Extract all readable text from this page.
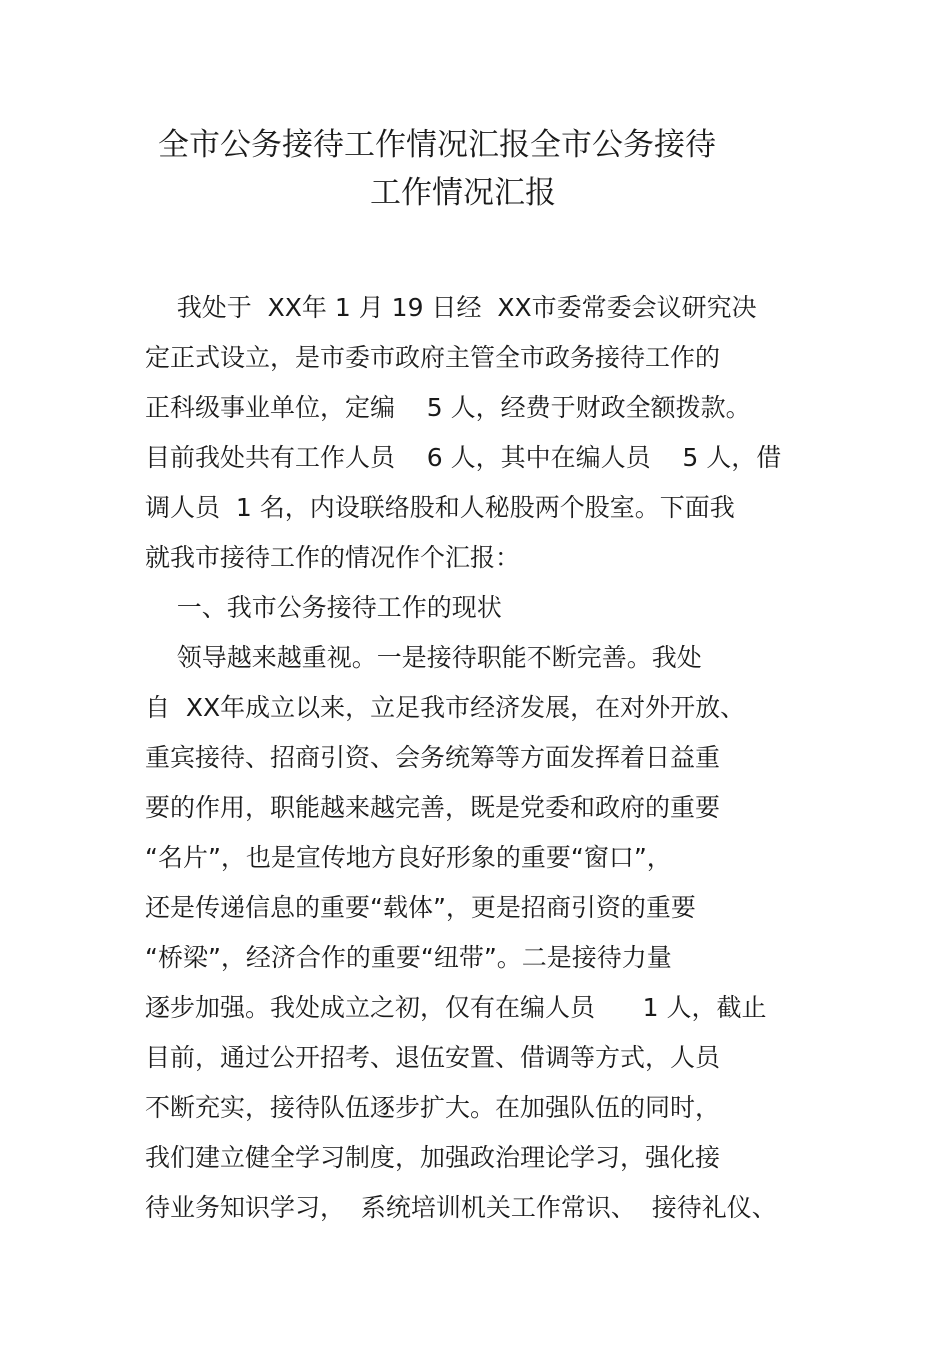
全市公务接待工作情况汇报全市公务接待
工作情况汇报
我处于  XX年 1 月 19 日经  XX市委常委会议研究决
定正式设立，是市委市政府主管全市政务接待工作的
正科级事业单位，定编    5 人，经费于财政全额拨款。
目前我处共有工作人员    6 人，其中在编人员    5 人，借
调人员  1 名，内设联络股和人秘股两个股室。下面我
就我市接待工作的情况作个汇报：
一、我市公务接待工作的现状
领导越来越重视。一是接待职能不断完善。我处
自  XX年成立以来，立足我市经济发展，在对外开放、
重宾接待、招商引资、会务统筹等方面发挥着日益重
要的作用，职能越来越完善，既是党委和政府的重要
“名片”，也是宣传地方良好形象的重要“窗口”，
还是传递信息的重要“载体”，更是招商引资的重要
“桥梁”，经济合作的重要“纽带”。二是接待力量
逐步加强。我处成立之初，仅有在编人员      1 人，截止
目前，通过公开招考、退伍安置、借调等方式，人员
不断充实，接待队伍逐步扩大。在加强队伍的同时，
我们建立健全学习制度，加强政治理论学习，强化接
待业务知识学习，  系统培训机关工作常识、  接待礼仪、
